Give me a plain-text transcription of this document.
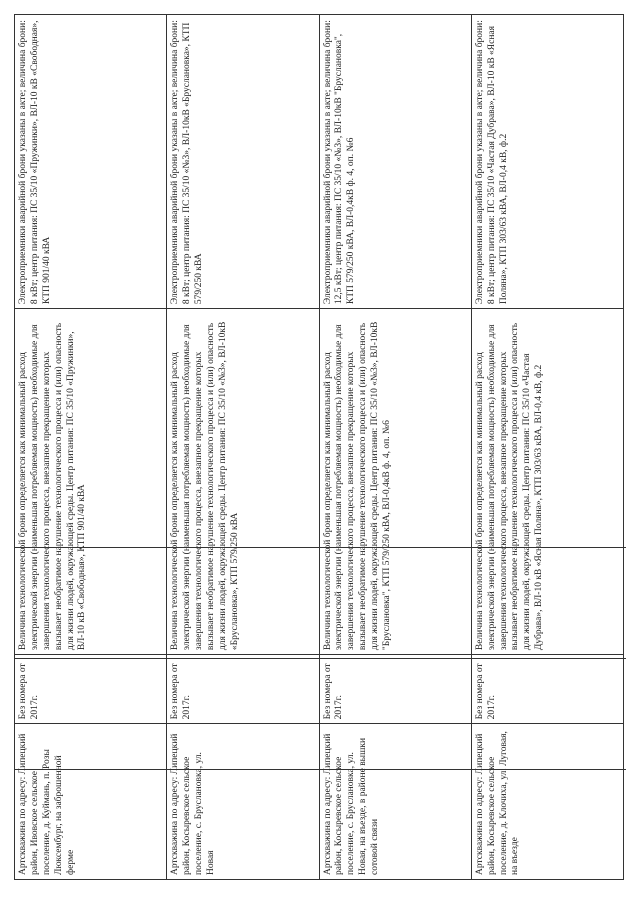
Артскважина по адресу: Липецкий район, Ивовское сельское поселение, д. Куймань, п. Розы Люксембург, на заброшенной ферме	Без номера от 2017г.	Величина технологической брони определяется как минимальный расход электрической энергии (наименьшая потребляемая мощность) необходимые для завершения технологического процесса, внезапное прекращение которых вызывает необратимое нарушение технологического процесса и (или) опасность для жизни людей, окружающей среды. Центр питания: ПС 35/10 «Пружинки», ВЛ-10 кВ «Свободная», КТП 901/40 кВА	Электроприемники аварийной брони указаны в акте; величина брони: 8 кВт; центр питания: ПС 35/10 «Пружинки», ВЛ-10 кВ «Свободная», КТП 901/40 кВА
Артскважина по адресу: Липецкий район, Косыревское сельское поселение, с. Бруслановка, ул. Новая	Без номера от 2017г.	Величина технологической брони определяется как минимальный расход электрической энергии (наименьшая потребляемая мощность) необходимые для завершения технологического процесса, внезапное прекращение которых вызывает необратимое нарушение технологического процесса и (или) опасность для жизни людей, окружающей среды. Центр питания: ПС 35/10 «№3», ВЛ-10кВ «Бруслановка», КТП 579/250 кВА	Электроприемники аварийной брони указаны в акте; величина брони: 8 кВт; центр питания: ПС 35/10 «№3», ВЛ-10кВ «Бруслановка», КТП 579/250 кВА
Артскважина по адресу: Липецкий район, Косыревское сельское поселение, с. Бруслановка, ул. Новая, на въезде, в районе вышки сотовой связи	Без номера от 2017г.	Величина технологической брони определяется как минимальный расход электрической энергии (наименьшая потребляемая мощность) необходимые для завершения технологического процесса, внезапное прекращение которых вызывает необратимое нарушение технологического процесса и (или) опасность для жизни людей, окружающей среды. Центр питания: ПС 35/10 «№3», ВЛ-10кВ "Бруслановка", КТП 579/250 кВА, ВЛ-0,4кВ ф. 4, оп. №6	Электроприемники аварийной брони указаны в акте; величина брони: 12,5 кВт; центр питания: ПС 35/10 «№3», ВЛ-10кВ "Бруслановка", КТП 579/250 кВА, ВЛ-0,4кВ ф. 4, оп. №6
Артскважина по адресу: Липецкий район, Косыревское сельское поселение, д. Клочиха, ул. Луговая, на въезде	Без номера от 2017г.	Величина технологической брони определяется как минимальный расход электрической энергии (наименьшая потребляемая мощность) необходимые для завершения технологического процесса, внезапное прекращение которых вызывает необратимое нарушение технологического процесса и (или) опасность для жизни людей, окружающей среды. Центр питания: ПС 35/10 «Частая Дубрава», ВЛ-10 кВ «Ясная Поляна», КТП 303/63 кВА, ВЛ-0,4 кВ, ф.2	Электроприемники аварийной брони указаны в акте; величина брони: 8 кВт; центр питания: ПС 35/10 «Частая Дубрава», ВЛ-10 кВ «Ясная Поляна», КТП 303/63 кВА, ВЛ-0,4 кВ, ф.2
